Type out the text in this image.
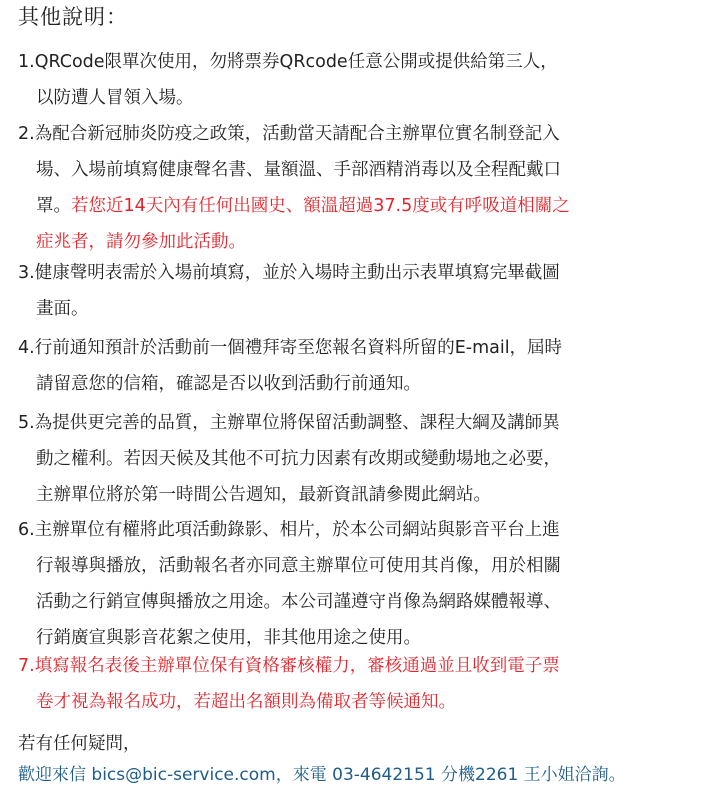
其他說明：
1.QRCode限單次使用，勿將票券QRcode任意公開或提供給第三人，
以防遭人冒領入場。
2.為配合新冠肺炎防疫之政策，活動當天請配合主辦單位實名制登記入
場、入場前填寫健康聲名書、量額溫、手部酒精消毒以及全程配戴口
罩。若您近14天內有任何出國史、額溫超過37.5度或有呼吸道相關之
症兆者，請勿參加此活動。
3.健康聲明表需於入場前填寫，並於入場時主動出示表單填寫完畢截圖
畫面。
4.行前通知預計於活動前一個禮拜寄至您報名資料所留的E-mail，屆時
請留意您的信箱，確認是否以收到活動行前通知。
5.為提供更完善的品質，主辦單位將保留活動調整、課程大綱及講師異
動之權利。若因天候及其他不可抗力因素有改期或變動場地之必要，
主辦單位將於第一時間公告週知，最新資訊請參閱此網站。
6.主辦單位有權將此項活動錄影、相片，於本公司網站與影音平台上進
行報導與播放，活動報名者亦同意主辦單位可使用其肖像，用於相關
活動之行銷宣傳與播放之用途。本公司謹遵守肖像為網路媒體報導、
行銷廣宣與影音花絮之使用，非其他用途之使用。
7.填寫報名表後主辦單位保有資格審核權力，審核通過並且收到電子票
卷才視為報名成功，若超出名額則為備取者等候通知。
若有任何疑問，
歡迎來信 bics@bic-service.com，來電 03-4642151 分機2261 王小姐洽詢。
